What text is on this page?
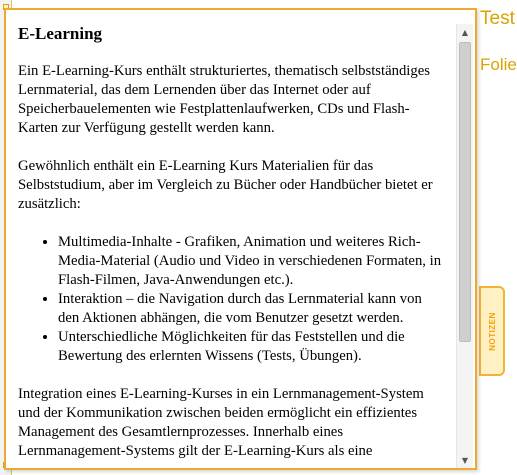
Test
Folie
NOTIZEN
E-Learning

Ein E-Learning-Kurs enthält strukturiertes, thematisch selbstständiges Lernmaterial, das dem Lernenden über das Internet oder auf Speicherbauelementen wie Festplattenlaufwerken, CDs und Flash-Karten zur Verfügung gestellt werden kann.

Gewöhnlich enthält ein E-Learning Kurs Materialien für das Selbststudium, aber im Vergleich zu Bücher oder Handbücher bietet er zusätzlich:

• Multimedia-Inhalte - Grafiken, Animation und weiteres Rich-Media-Material (Audio und Video in verschiedenen Formaten, in Flash-Filmen, Java-Anwendungen etc.).
• Interaktion – die Navigation durch das Lernmaterial kann von den Aktionen abhängen, die vom Benutzer gesetzt werden.
• Unterschiedliche Möglichkeiten für das Feststellen und die Bewertung des erlernten Wissens (Tests, Übungen).

Integration eines E-Learning-Kurses in ein Lernmanagement-System und der Kommunikation zwischen beiden ermöglicht ein effizientes Management des Gesamtlernprozesses. Innerhalb eines Lernmanagement-Systems gilt der E-Learning-Kurs als eine

▲
▼
